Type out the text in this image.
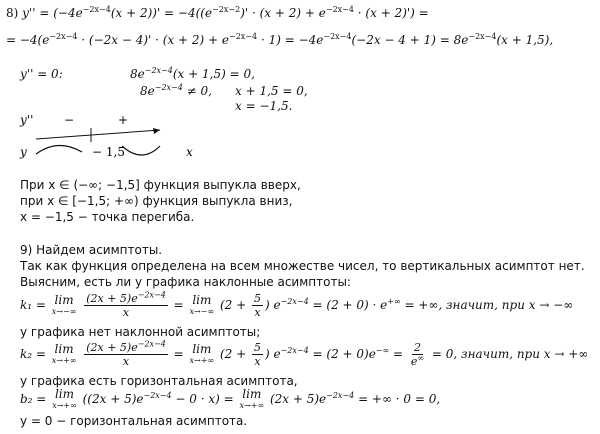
8) $y'' = (-4e^{-2x-4}(x + 2))' = -4((e^{-2x-2})' \cdot (x + 2) + e^{-2x-4} \cdot (x + 2)')$ =
= $-4(e^{-2x-4} \cdot (-2x - 4)' \cdot (x + 2) + e^{-2x-4} \cdot 1) = -4e^{-2x-4}(-2x - 4 + 1) = 8e^{-2x-4}(x + 1,5)$,
y'' = 0:	$8e^{-2x-4}(x + 1,5) = 0$,
$8e^{-2x-4} \ne 0$, x + 1,5 = 0,
x = −1,5.
y''	−	+
y	− 1,5	x
При x ∈ (−∞; −1,5] функция выпукла вверх,
при x ∈ [−1,5; +∞) функция выпукла вниз,
x = −1,5 − точка перегиба.
9) Найдем асимптоты.
Так как функция определена на всем множестве чисел, то вертикальных асимптот нет.
Выясним, есть ли у графика наклонные асимптоты:
k₁ = lim
x→−∞
$\frac{(2x + 5)e^{-2x-4}}{x} = \lim$
x→−∞ ($2 + \frac{5}{x}$ ) $e^{-2x-4} = (2 + 0) \cdot e^{+\infty}$ = +∞, значит, при x → −∞
у графика нет наклонной асимптоты;
k₂ = lim
x→+∞
$\frac{(2x + 5)e^{-2x-4}}{x} = \lim$
x→+∞ ($2 + \frac{5}{x}$ ) $e^{-2x-4} = (2 + 0)e^{-\infty} = \frac{2}{e^\infty} = 0$, значит, при x → +∞
у графика есть горизонтальная асимптота,
b₂ = lim
x→+∞ $((2x + 5)e^{-2x-4} - 0 \cdot x) = \lim$
x→+∞ $(2x + 5)e^{-2x-4}$ = +∞ · 0 = 0,
y = 0 − горизонтальная асимптота.
